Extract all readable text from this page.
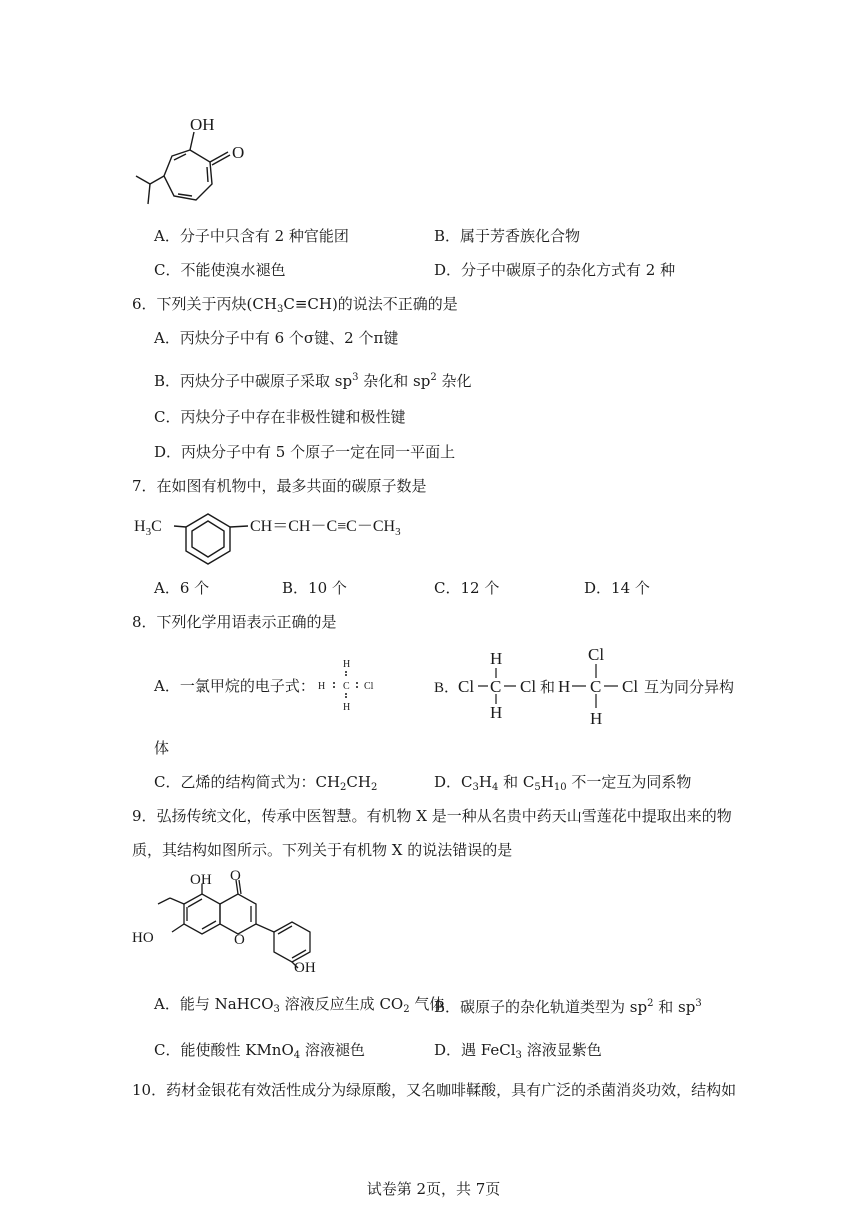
OH
O
A．分子中只含有 2 种官能团	B．属于芳香族化合物
C．不能使溴水褪色	D．分子中碳原子的杂化方式有 2 种
6．下列关于丙炔$(CH_3C\equiv CH)$的说法不正确的是
A．丙炔分子中有 6 个σ键、2 个π键
B．丙炔分子中碳原子采取 $sp^3$ 杂化和 $sp^2$ 杂化
C．丙炔分子中存在非极性键和极性键
D．丙炔分子中有 5 个原子一定在同一平面上
7．在如图有机物中，最多共面的碳原子数是
$H_3C$	$CH=CH-C\equiv C-CH_3$
A．6 个	B．10 个	C．12 个	D．14 个
8．下列化学用语表示正确的是
A．一氯甲烷的电子式：
H
H C Cl
H
B．
Cl C Cl
H
H
和 H C Cl
Cl
H
互为同分异构
体
C．乙烯的结构简式为：$CH_2CH_2$	D．$C_3H_4$ 和 $C_5H_{10}$ 不一定互为同系物
9．弘扬传统文化，传承中医智慧。有机物 X 是一种从名贵中药天山雪莲花中提取出来的物
质，其结构如图所示。下列关于有机物 X 的说法错误的是
OH O
HO	O
OH
A．能与 NaHCO$_3$ 溶液反应生成 $CO_2$ 气体
B．碳原子的杂化轨道类型为 $sp^2$ 和 $sp^3$
C．能使酸性 KMnO$_4$ 溶液褪色	D．遇 FeCl$_3$ 溶液显紫色
10．药材金银花有效活性成分为绿原酸，又名咖啡鞣酸，具有广泛的杀菌消炎功效，结构如
试卷第 2页，共 7页
